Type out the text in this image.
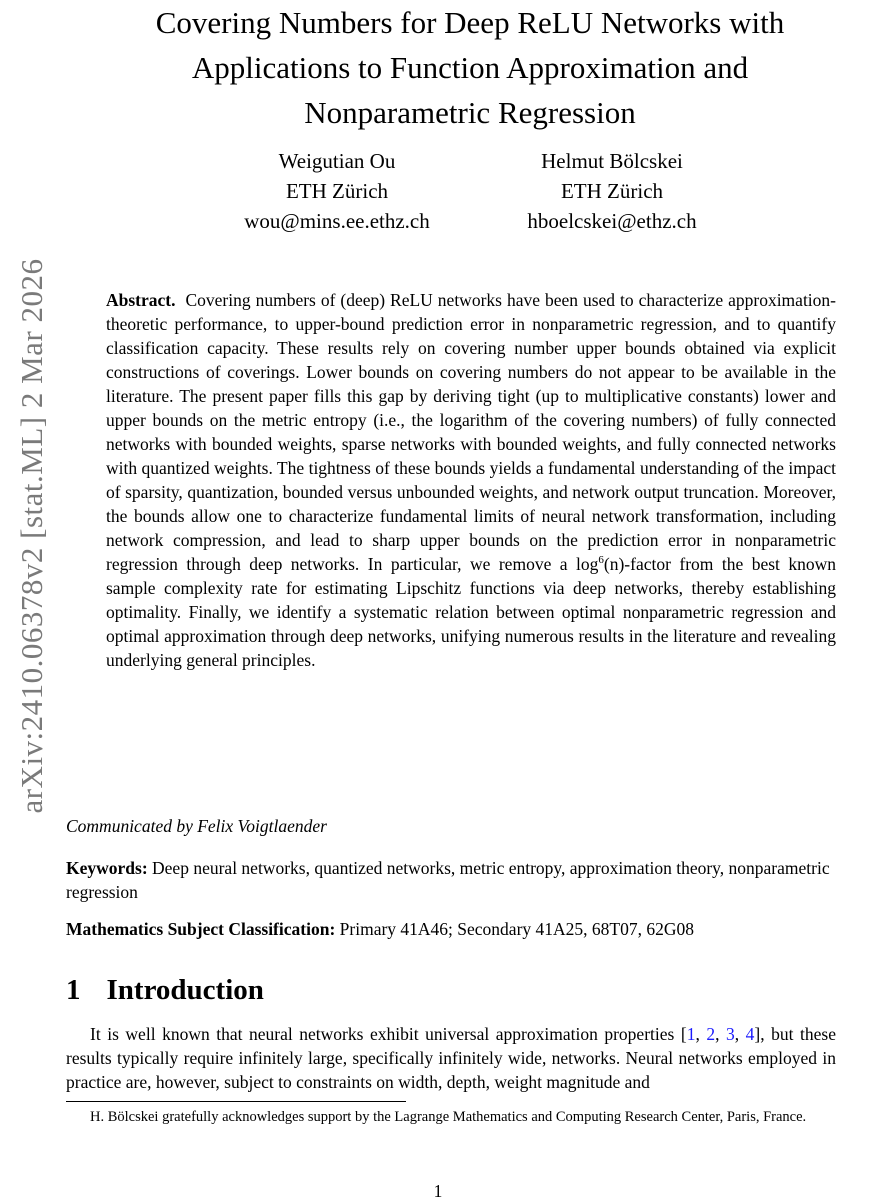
arXiv:2410.06378v2 [stat.ML] 2 Mar 2026
Covering Numbers for Deep ReLU Networks with
Applications to Function Approximation and
Nonparametric Regression
Weigutian Ou
ETH Zürich
wou@mins.ee.ethz.ch
Helmut Bölcskei
ETH Zürich
hboelcskei@ethz.ch
Abstract. Covering numbers of (deep) ReLU networks have been used to characterize approximation-theoretic performance, to upper-bound prediction error in nonparametric regression, and to quantify classification capacity. These results rely on covering number upper bounds obtained via explicit constructions of coverings. Lower bounds on covering numbers do not appear to be available in the literature. The present paper fills this gap by deriving tight (up to multiplicative constants) lower and upper bounds on the metric entropy (i.e., the logarithm of the covering numbers) of fully connected networks with bounded weights, sparse networks with bounded weights, and fully connected networks with quantized weights. The tightness of these bounds yields a fundamental understanding of the impact of sparsity, quantization, bounded versus unbounded weights, and network output truncation. Moreover, the bounds allow one to characterize fundamental limits of neural network transformation, including network compression, and lead to sharp upper bounds on the prediction error in nonparametric regression through deep networks. In particular, we remove a $\log^6(n)$-factor from the best known sample complexity rate for estimating Lipschitz functions via deep networks, thereby establishing optimality. Finally, we identify a systematic relation between optimal nonparametric regression and optimal approximation through deep networks, unifying numerous results in the literature and revealing underlying general principles.
Communicated by Felix Voigtlaender
Keywords: Deep neural networks, quantized networks, metric entropy, approximation theory, nonparametric regression
Mathematics Subject Classification: Primary 41A46; Secondary 41A25, 68T07, 62G08
1 Introduction
It is well known that neural networks exhibit universal approximation properties [1, 2, 3, 4], but these results typically require infinitely large, specifically infinitely wide, networks. Neural networks employed in practice are, however, subject to constraints on width, depth, weight magnitude and
H. Bölcskei gratefully acknowledges support by the Lagrange Mathematics and Computing Research Center, Paris, France.
1
